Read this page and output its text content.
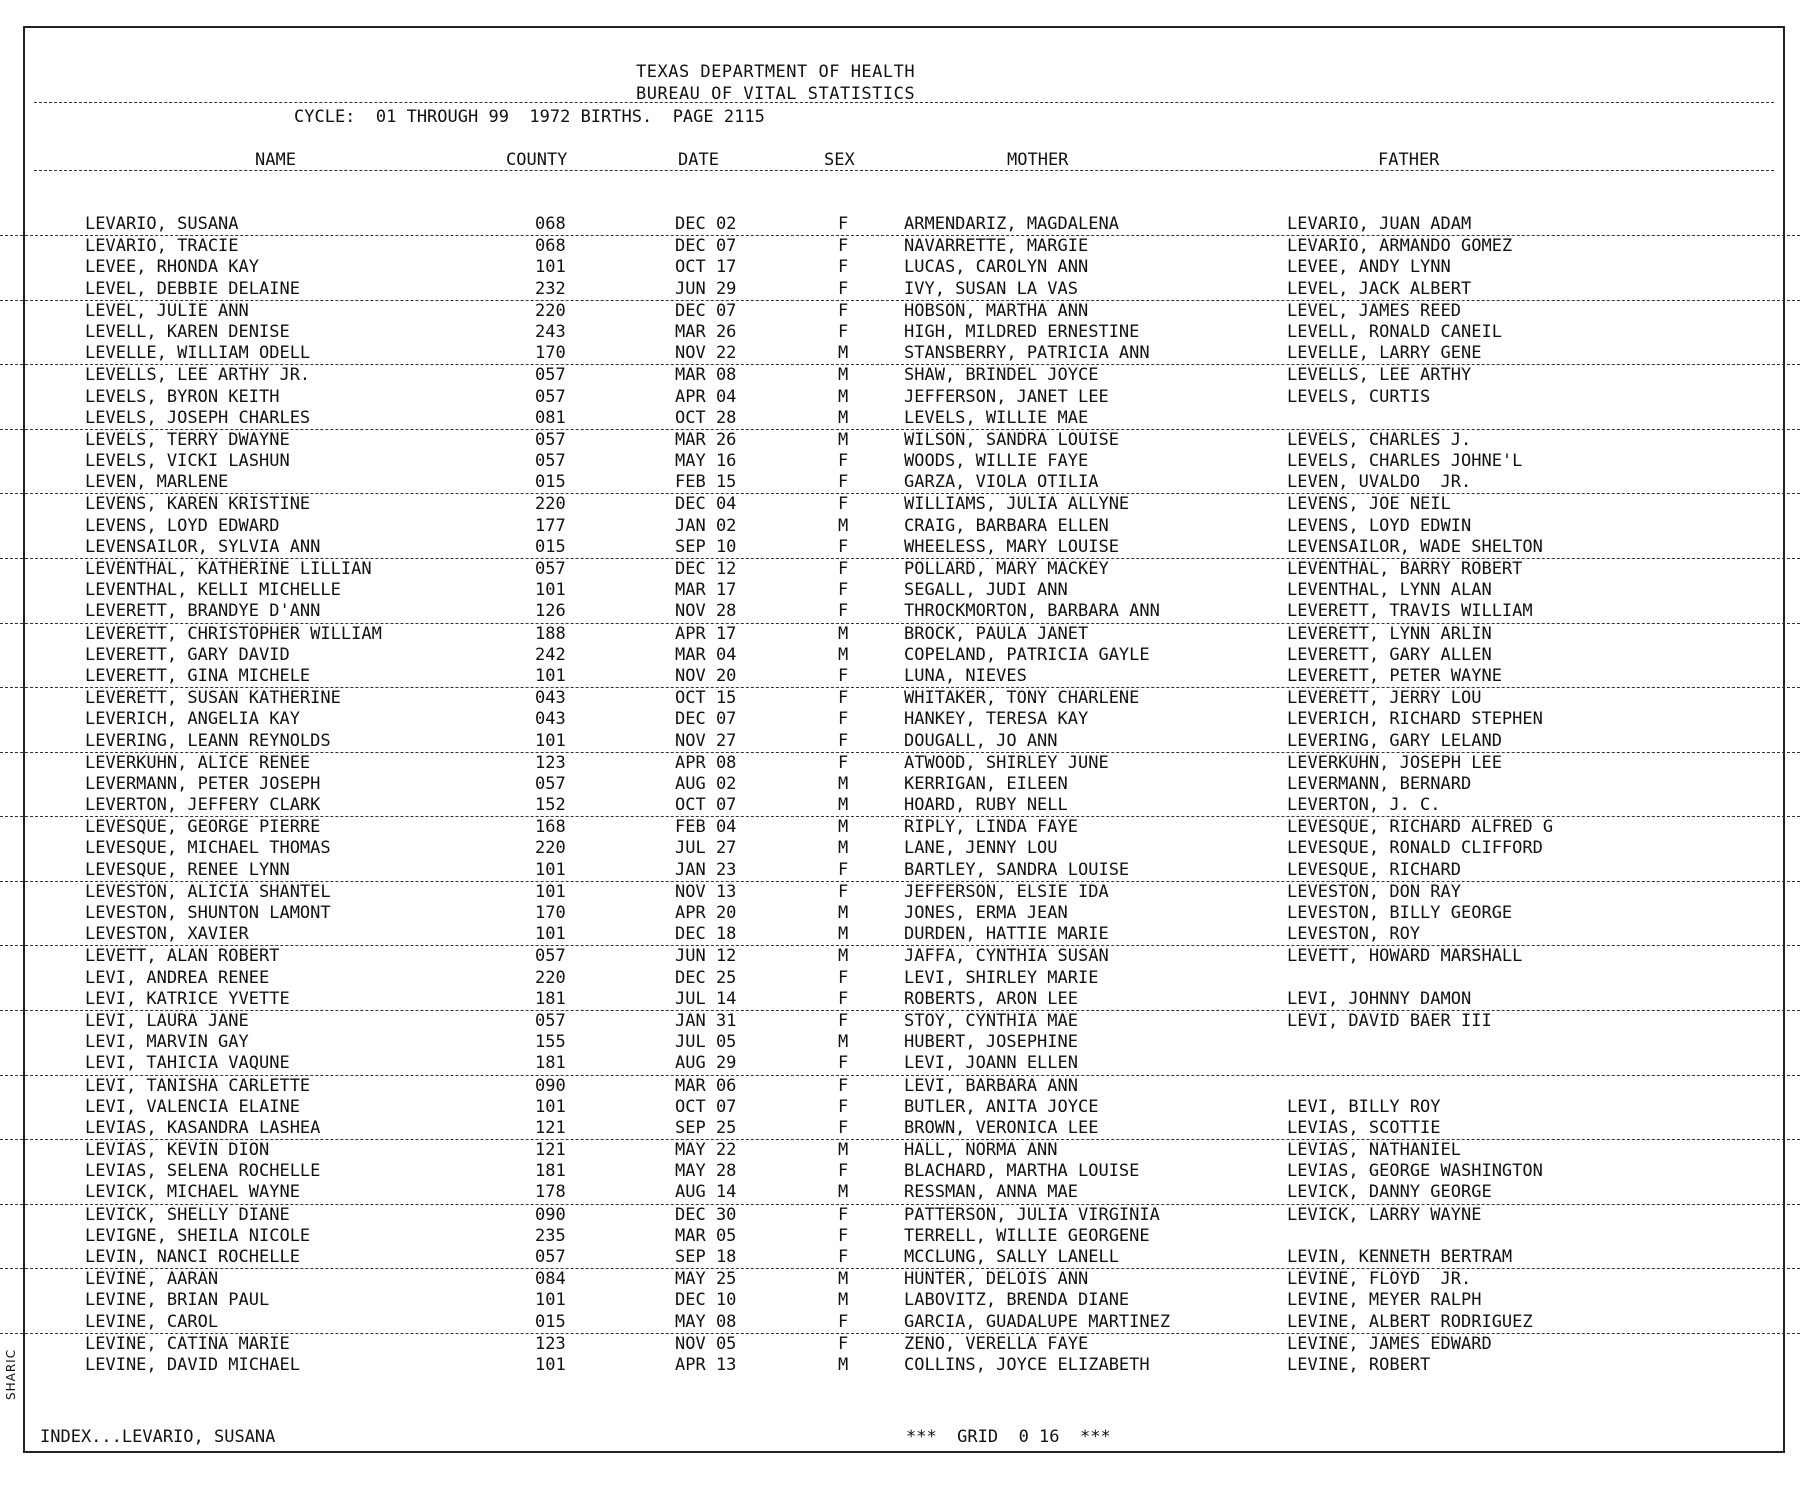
SHARIC
TEXAS DEPARTMENT OF HEALTH
BUREAU OF VITAL STATISTICS
CYCLE:  01 THROUGH 99  1972 BIRTHS.  PAGE 2115
NAME	COUNTY	DATE	SEX	MOTHER	FATHER
LEVARIO, SUSANA	068	DEC 02	F	ARMENDARIZ, MAGDALENA	LEVARIO, JUAN ADAM
LEVARIO, TRACIE	068	DEC 07	F	NAVARRETTE, MARGIE	LEVARIO, ARMANDO GOMEZ
LEVEE, RHONDA KAY	101	OCT 17	F	LUCAS, CAROLYN ANN	LEVEE, ANDY LYNN
LEVEL, DEBBIE DELAINE	232	JUN 29	F	IVY, SUSAN LA VAS	LEVEL, JACK ALBERT
LEVEL, JULIE ANN	220	DEC 07	F	HOBSON, MARTHA ANN	LEVEL, JAMES REED
LEVELL, KAREN DENISE	243	MAR 26	F	HIGH, MILDRED ERNESTINE	LEVELL, RONALD CANEIL
LEVELLE, WILLIAM ODELL	170	NOV 22	M	STANSBERRY, PATRICIA ANN	LEVELLE, LARRY GENE
LEVELLS, LEE ARTHY JR.	057	MAR 08	M	SHAW, BRINDEL JOYCE	LEVELLS, LEE ARTHY
LEVELS, BYRON KEITH	057	APR 04	M	JEFFERSON, JANET LEE	LEVELS, CURTIS
LEVELS, JOSEPH CHARLES	081	OCT 28	M	LEVELS, WILLIE MAE
LEVELS, TERRY DWAYNE	057	MAR 26	M	WILSON, SANDRA LOUISE	LEVELS, CHARLES J.
LEVELS, VICKI LASHUN	057	MAY 16	F	WOODS, WILLIE FAYE	LEVELS, CHARLES JOHNE'L
LEVEN, MARLENE	015	FEB 15	F	GARZA, VIOLA OTILIA	LEVEN, UVALDO  JR.
LEVENS, KAREN KRISTINE	220	DEC 04	F	WILLIAMS, JULIA ALLYNE	LEVENS, JOE NEIL
LEVENS, LOYD EDWARD	177	JAN 02	M	CRAIG, BARBARA ELLEN	LEVENS, LOYD EDWIN
LEVENSAILOR, SYLVIA ANN	015	SEP 10	F	WHEELESS, MARY LOUISE	LEVENSAILOR, WADE SHELTON
LEVENTHAL, KATHERINE LILLIAN	057	DEC 12	F	POLLARD, MARY MACKEY	LEVENTHAL, BARRY ROBERT
LEVENTHAL, KELLI MICHELLE	101	MAR 17	F	SEGALL, JUDI ANN	LEVENTHAL, LYNN ALAN
LEVERETT, BRANDYE D'ANN	126	NOV 28	F	THROCKMORTON, BARBARA ANN	LEVERETT, TRAVIS WILLIAM
LEVERETT, CHRISTOPHER WILLIAM	188	APR 17	M	BROCK, PAULA JANET	LEVERETT, LYNN ARLIN
LEVERETT, GARY DAVID	242	MAR 04	M	COPELAND, PATRICIA GAYLE	LEVERETT, GARY ALLEN
LEVERETT, GINA MICHELE	101	NOV 20	F	LUNA, NIEVES	LEVERETT, PETER WAYNE
LEVERETT, SUSAN KATHERINE	043	OCT 15	F	WHITAKER, TONY CHARLENE	LEVERETT, JERRY LOU
LEVERICH, ANGELIA KAY	043	DEC 07	F	HANKEY, TERESA KAY	LEVERICH, RICHARD STEPHEN
LEVERING, LEANN REYNOLDS	101	NOV 27	F	DOUGALL, JO ANN	LEVERING, GARY LELAND
LEVERKUHN, ALICE RENEE	123	APR 08	F	ATWOOD, SHIRLEY JUNE	LEVERKUHN, JOSEPH LEE
LEVERMANN, PETER JOSEPH	057	AUG 02	M	KERRIGAN, EILEEN	LEVERMANN, BERNARD
LEVERTON, JEFFERY CLARK	152	OCT 07	M	HOARD, RUBY NELL	LEVERTON, J. C.
LEVESQUE, GEORGE PIERRE	168	FEB 04	M	RIPLY, LINDA FAYE	LEVESQUE, RICHARD ALFRED G
LEVESQUE, MICHAEL THOMAS	220	JUL 27	M	LANE, JENNY LOU	LEVESQUE, RONALD CLIFFORD
LEVESQUE, RENEE LYNN	101	JAN 23	F	BARTLEY, SANDRA LOUISE	LEVESQUE, RICHARD
LEVESTON, ALICIA SHANTEL	101	NOV 13	F	JEFFERSON, ELSIE IDA	LEVESTON, DON RAY
LEVESTON, SHUNTON LAMONT	170	APR 20	M	JONES, ERMA JEAN	LEVESTON, BILLY GEORGE
LEVESTON, XAVIER	101	DEC 18	M	DURDEN, HATTIE MARIE	LEVESTON, ROY
LEVETT, ALAN ROBERT	057	JUN 12	M	JAFFA, CYNTHIA SUSAN	LEVETT, HOWARD MARSHALL
LEVI, ANDREA RENEE	220	DEC 25	F	LEVI, SHIRLEY MARIE
LEVI, KATRICE YVETTE	181	JUL 14	F	ROBERTS, ARON LEE	LEVI, JOHNNY DAMON
LEVI, LAURA JANE	057	JAN 31	F	STOY, CYNTHIA MAE	LEVI, DAVID BAER III
LEVI, MARVIN GAY	155	JUL 05	M	HUBERT, JOSEPHINE
LEVI, TAHICIA VAQUNE	181	AUG 29	F	LEVI, JOANN ELLEN
LEVI, TANISHA CARLETTE	090	MAR 06	F	LEVI, BARBARA ANN
LEVI, VALENCIA ELAINE	101	OCT 07	F	BUTLER, ANITA JOYCE	LEVI, BILLY ROY
LEVIAS, KASANDRA LASHEA	121	SEP 25	F	BROWN, VERONICA LEE	LEVIAS, SCOTTIE
LEVIAS, KEVIN DION	121	MAY 22	M	HALL, NORMA ANN	LEVIAS, NATHANIEL
LEVIAS, SELENA ROCHELLE	181	MAY 28	F	BLACHARD, MARTHA LOUISE	LEVIAS, GEORGE WASHINGTON
LEVICK, MICHAEL WAYNE	178	AUG 14	M	RESSMAN, ANNA MAE	LEVICK, DANNY GEORGE
LEVICK, SHELLY DIANE	090	DEC 30	F	PATTERSON, JULIA VIRGINIA	LEVICK, LARRY WAYNE
LEVIGNE, SHEILA NICOLE	235	MAR 05	F	TERRELL, WILLIE GEORGENE
LEVIN, NANCI ROCHELLE	057	SEP 18	F	MCCLUNG, SALLY LANELL	LEVIN, KENNETH BERTRAM
LEVINE, AARAN	084	MAY 25	M	HUNTER, DELOIS ANN	LEVINE, FLOYD  JR.
LEVINE, BRIAN PAUL	101	DEC 10	M	LABOVITZ, BRENDA DIANE	LEVINE, MEYER RALPH
LEVINE, CAROL	015	MAY 08	F	GARCIA, GUADALUPE MARTINEZ	LEVINE, ALBERT RODRIGUEZ
LEVINE, CATINA MARIE	123	NOV 05	F	ZENO, VERELLA FAYE	LEVINE, JAMES EDWARD
LEVINE, DAVID MICHAEL	101	APR 13	M	COLLINS, JOYCE ELIZABETH	LEVINE, ROBERT
INDEX...LEVARIO, SUSANA	***  GRID  0 16  ***
